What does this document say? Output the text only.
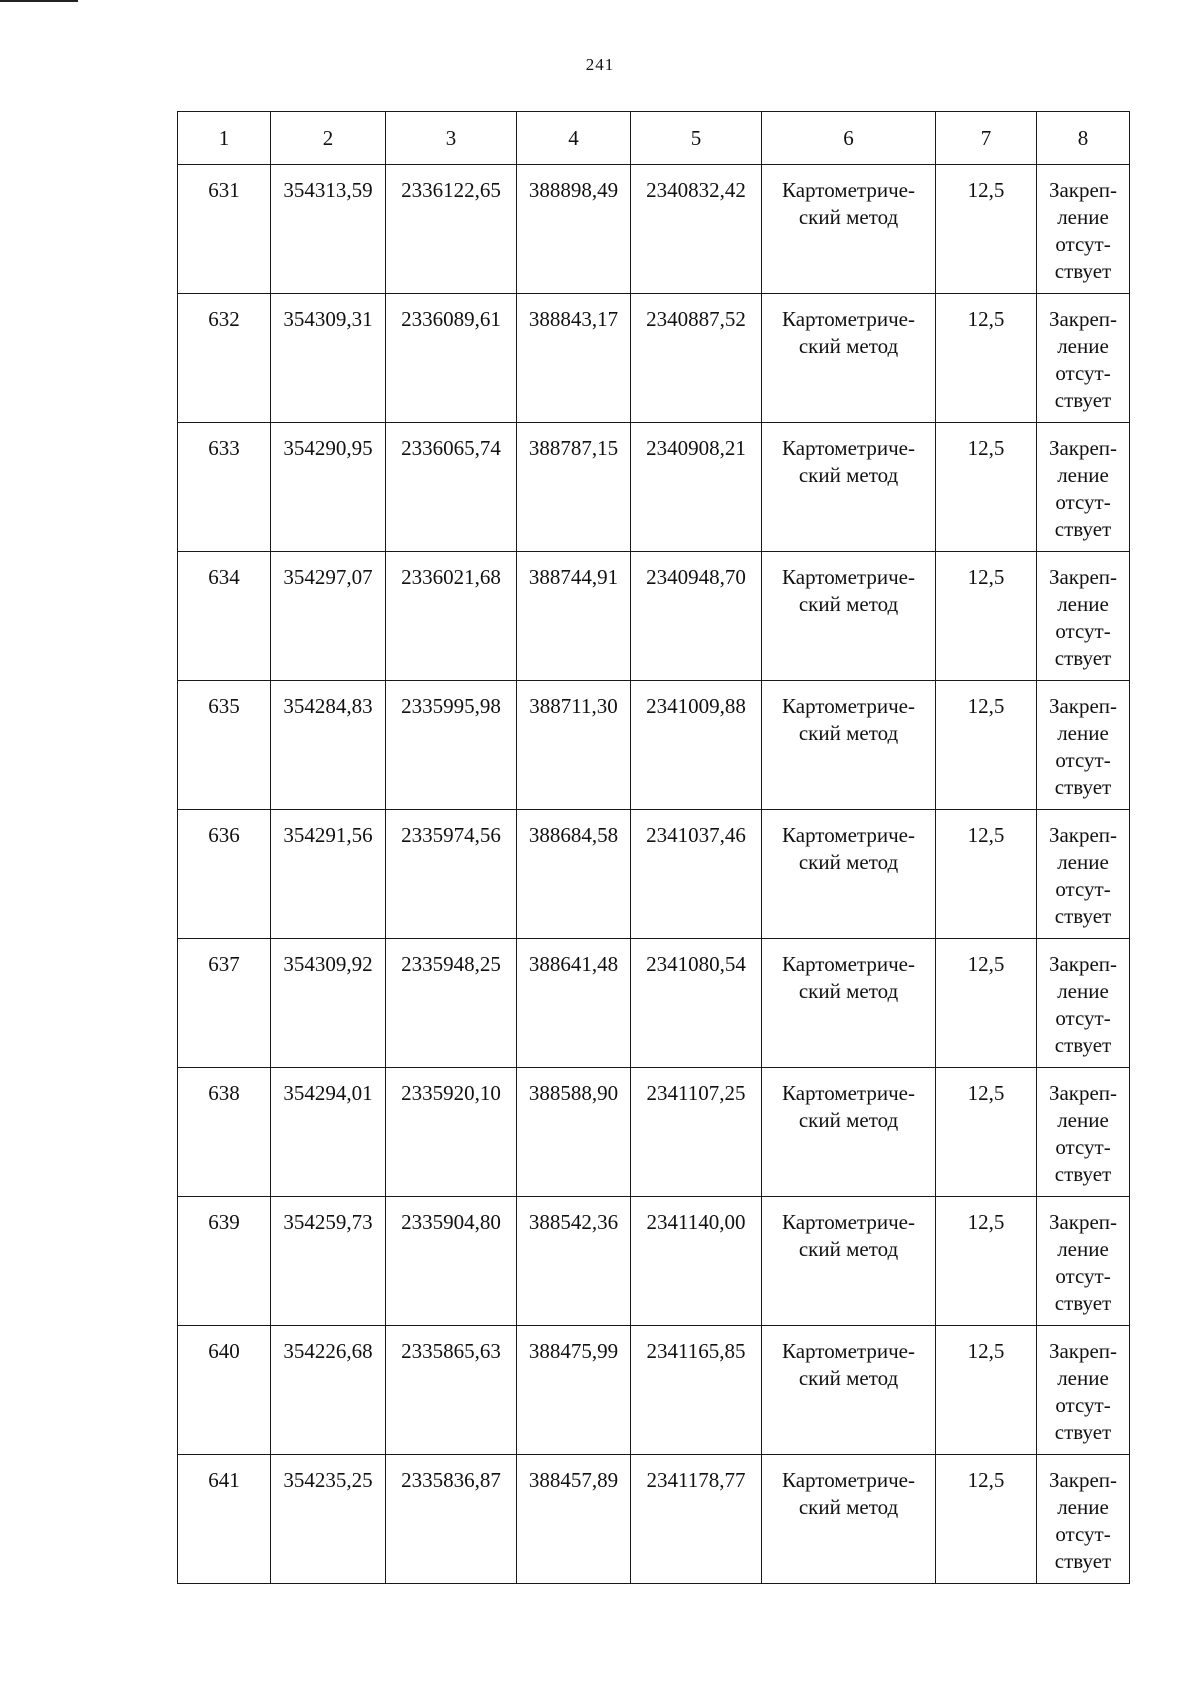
241
1	2	3	4	5	6	7	8
631	354313,59	2336122,65	388898,49	2340832,42	Картометриче-
ский метод	12,5	Закреп-
ление
отсут-
ствует
632	354309,31	2336089,61	388843,17	2340887,52	Картометриче-
ский метод	12,5	Закреп-
ление
отсут-
ствует
633	354290,95	2336065,74	388787,15	2340908,21	Картометриче-
ский метод	12,5	Закреп-
ление
отсут-
ствует
634	354297,07	2336021,68	388744,91	2340948,70	Картометриче-
ский метод	12,5	Закреп-
ление
отсут-
ствует
635	354284,83	2335995,98	388711,30	2341009,88	Картометриче-
ский метод	12,5	Закреп-
ление
отсут-
ствует
636	354291,56	2335974,56	388684,58	2341037,46	Картометриче-
ский метод	12,5	Закреп-
ление
отсут-
ствует
637	354309,92	2335948,25	388641,48	2341080,54	Картометриче-
ский метод	12,5	Закреп-
ление
отсут-
ствует
638	354294,01	2335920,10	388588,90	2341107,25	Картометриче-
ский метод	12,5	Закреп-
ление
отсут-
ствует
639	354259,73	2335904,80	388542,36	2341140,00	Картометриче-
ский метод	12,5	Закреп-
ление
отсут-
ствует
640	354226,68	2335865,63	388475,99	2341165,85	Картометриче-
ский метод	12,5	Закреп-
ление
отсут-
ствует
641	354235,25	2335836,87	388457,89	2341178,77	Картометриче-
ский метод	12,5	Закреп-
ление
отсут-
ствует
